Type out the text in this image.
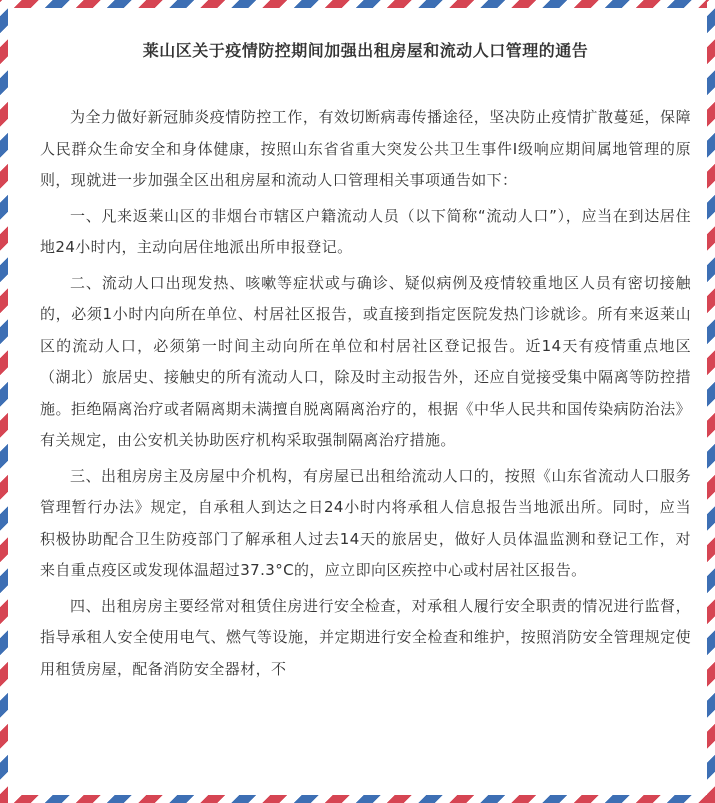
莱山区关于疫情防控期间加强出租房屋和流动人口管理的通告

为全力做好新冠肺炎疫情防控工作，有效切断病毒传播途径，坚决防止疫情扩散蔓延，保障人民群众生命安全和身体健康，按照山东省省重大突发公共卫生事件Ⅰ级响应期间属地管理的原则，现就进一步加强全区出租房屋和流动人口管理相关事项通告如下：

一、凡来返莱山区的非烟台市辖区户籍流动人员（以下简称“流动人口”），应当在到达居住地24小时内，主动向居住地派出所申报登记。

二、流动人口出现发热、咳嗽等症状或与确诊、疑似病例及疫情较重地区人员有密切接触的，必须1小时内向所在单位、村居社区报告，或直接到指定医院发热门诊就诊。所有来返莱山区的流动人口，必须第一时间主动向所在单位和村居社区登记报告。近14天有疫情重点地区（湖北）旅居史、接触史的所有流动人口，除及时主动报告外，还应自觉接受集中隔离等防控措施。拒绝隔离治疗或者隔离期未满擅自脱离隔离治疗的，根据《中华人民共和国传染病防治法》有关规定，由公安机关协助医疗机构采取强制隔离治疗措施。

三、出租房房主及房屋中介机构，有房屋已出租给流动人口的，按照《山东省流动人口服务管理暂行办法》规定，自承租人到达之日24小时内将承租人信息报告当地派出所。同时，应当积极协助配合卫生防疫部门了解承租人过去14天的旅居史，做好人员体温监测和登记工作，对来自重点疫区或发现体温超过37.3°C的，应立即向区疾控中心或村居社区报告。

四、出租房房主要经常对租赁住房进行安全检查，对承租人履行安全职责的情况进行监督，指导承租人安全使用电气、燃气等设施，并定期进行安全检查和维护，按照消防安全管理规定使用租赁房屋，配备消防安全器材，不
